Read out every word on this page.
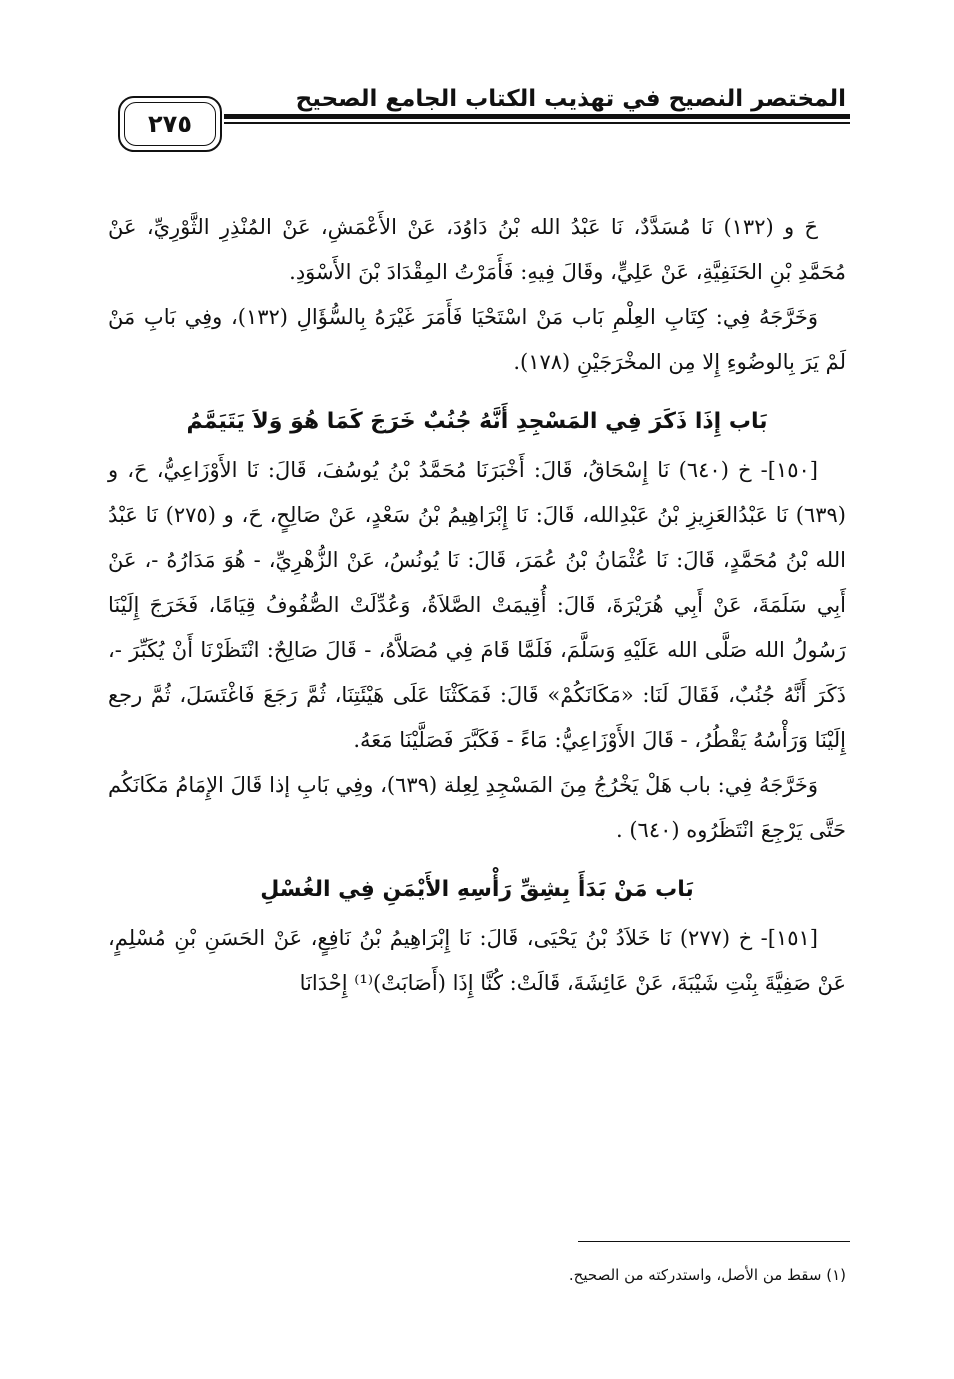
المختصر النصيح في تهذيب الكتاب الجامع الصحيح
٢٧٥

حَ و (١٣٢) نَا مُسَدَّدٌ، نَا عَبْدُ الله بْنُ دَاوُدَ، عَنْ الأَعْمَشِ، عَنْ المُنْذِرِ الثَّوْرِيِّ، عَنْ مُحَمَّدِ بْنِ الحَنَفِيَّةِ، عَنْ عَلِيٍّ، وقَالَ فِيهِ: فَأَمَرْتُ المِقْدَادَ بْنَ الأَسْوَدِ.

وَخَرَّجَهُ فِي: كِتَابِ العِلْمِ بَاب مَنْ اسْتَحْيَا فَأَمَرَ غَيْرَهُ بِالسُّؤَالِ (١٣٢)، وفِي بَابِ مَنْ لَمْ يَرَ بِالوضُوءِ إِلا مِن المخْرَجَيْنِ (١٧٨).

بَاب إِذَا ذَكَرَ فِي المَسْجِدِ أَنَّهُ جُنُبٌ خَرَجَ كَمَا هُوَ وَلاَ يَتَيَمَّمُ

[١٥٠]- خ (٦٤٠) نَا إِسْحَاقُ، قَالَ: أَخْبَرَنَا مُحَمَّدُ بْنُ يُوسُفَ، قَالَ: نَا الأَوْزَاعِيُّ، حَ، و (٦٣٩) نَا عَبْدُالعَزِيزِ بْنُ عَبْدِالله، قَالَ: نَا إِبْرَاهِيمُ بْنُ سَعْدٍ، عَنْ صَالِحٍ، حَ، و (٢٧٥) نَا عَبْدُ الله بْنُ مُحَمَّدٍ، قَالَ: نَا عُثْمَانُ بْنُ عُمَرَ، قَالَ: نَا يُونُسُ، عَنْ الزُّهْرِيِّ، - هُوَ مَدَارُهُ -، عَنْ أَبِي سَلَمَةَ، عَنْ أَبِي هُرَيْرَةَ، قَالَ: أُقِيمَتْ الصَّلاَةُ، وَعُدِّلَتْ الصُّفُوفُ قِيَامًا، فَخَرَجَ إِلَيْنَا رَسُولُ الله صَلَّى الله عَلَيْهِ وَسَلَّمَ، فَلَمَّا قَامَ فِي مُصَلاَّهُ، - قَالَ صَالِحٌ: انْتَظَرْنَا أَنْ يُكَبِّرَ -، ذَكَرَ أَنَّهُ جُنُبٌ، فَقَالَ لَنَا: «مَكَانَكُمْ» قَالَ: فَمَكَثْنَا عَلَى هَيْئَتِنَا، ثُمَّ رَجَعَ فَاغْتَسَلَ، ثُمَّ رجع إِلَيْنَا وَرَأْسُهُ يَقْطُرُ، - قَالَ الأَوْزَاعِيُّ: مَاءً - فَكَبَّرَ فَصَلَّيْنَا مَعَهُ.

وَخَرَّجَهُ فِي: باب هَلْ يَخْرُجُ مِنَ المَسْجِدِ لِعِلة (٦٣٩)، وفِي بَابِ إذا قَالَ الإِمَامُ مَكَانَكُم حَتَّى يَرْجِعَ انْتَظَرُوه (٦٤٠) .

بَاب مَنْ بَدَأَ بِشِقِّ رَأْسِهِ الأَيْمَنِ فِي الغُسْلِ

[١٥١]- خ (٢٧٧) نَا خَلاَدُ بْنُ يَحْيَى، قَالَ: نَا إِبْرَاهِيمُ بْنُ نَافِعٍ، عَنْ الحَسَنِ بْنِ مُسْلِمٍ، عَنْ صَفِيَّةَ بِنْتِ شَيْبَةَ، عَنْ عَائِشَةَ، قَالَتْ: كُنَّا إِذَا (أَصَابَتْ)⁽¹⁾ إِحْدَانَا

(١) سقط من الأصل، واستدركته من الصحيح.
